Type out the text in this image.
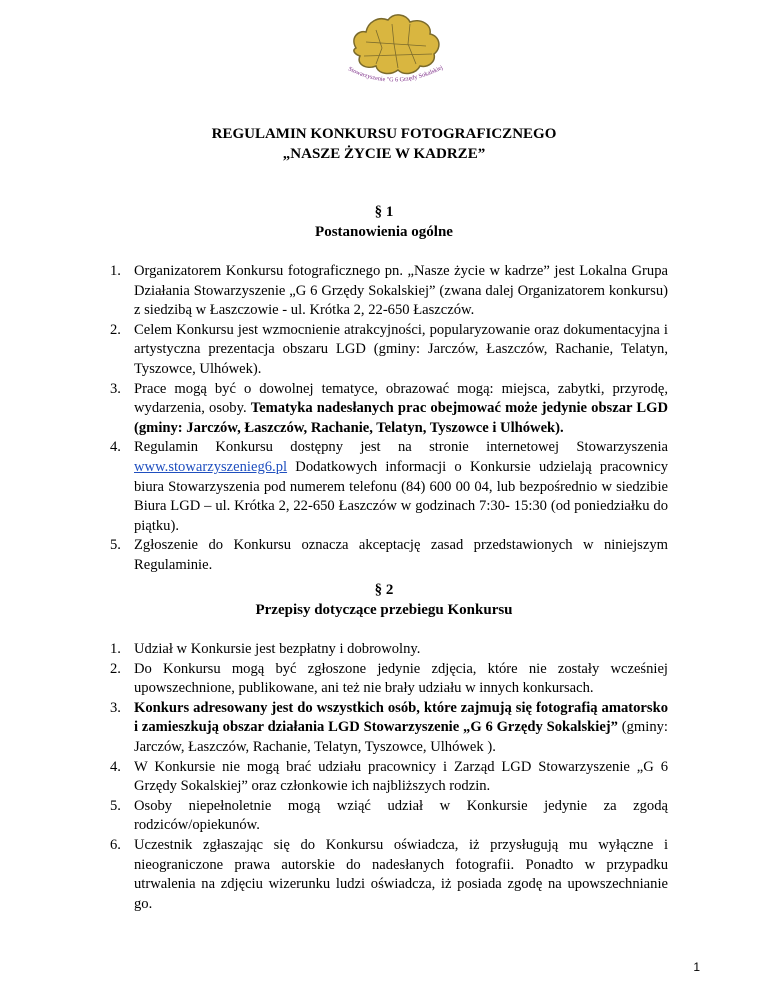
Stowarzyszenie "G 6 Grzędy Sokalskiej
REGULAMIN KONKURSU FOTOGRAFICZNEGO
„NASZE ŻYCIE W KADRZE”
§ 1
Postanowienia ogólne
1. Organizatorem Konkursu fotograficznego pn. „Nasze życie w kadrze” jest Lokalna Grupa Działania Stowarzyszenie „G 6 Grzędy Sokalskiej” (zwana dalej Organizatorem konkursu) z siedzibą w Łaszczowie - ul. Krótka 2, 22-650 Łaszczów.
2. Celem Konkursu jest wzmocnienie atrakcyjności, popularyzowanie oraz dokumentacyjna i artystyczna prezentacja obszaru LGD (gminy: Jarczów, Łaszczów, Rachanie, Telatyn, Tyszowce, Ulhówek).
3. Prace mogą być o dowolnej tematyce, obrazować mogą: miejsca, zabytki, przyrodę, wydarzenia, osoby. Tematyka nadesłanych prac obejmować może jedynie obszar LGD (gminy: Jarczów, Łaszczów, Rachanie, Telatyn, Tyszowce i Ulhówek).
4. Regulamin Konkursu dostępny jest na stronie internetowej Stowarzyszenia www.stowarzyszenieg6.pl Dodatkowych informacji o Konkursie udzielają pracownicy biura Stowarzyszenia pod numerem telefonu (84) 600 00 04, lub bezpośrednio w siedzibie Biura LGD – ul. Krótka 2, 22-650 Łaszczów w godzinach 7:30- 15:30 (od poniedziałku do piątku).
5. Zgłoszenie do Konkursu oznacza akceptację zasad przedstawionych w niniejszym Regulaminie.
§ 2
Przepisy dotyczące przebiegu Konkursu
1. Udział w Konkursie jest bezpłatny i dobrowolny.
2. Do Konkursu mogą być zgłoszone jedynie zdjęcia, które nie zostały wcześniej upowszechnione, publikowane, ani też nie brały udziału w innych konkursach.
3. Konkurs adresowany jest do wszystkich osób, które zajmują się fotografią amatorsko i zamieszkują obszar działania LGD Stowarzyszenie „G 6 Grzędy Sokalskiej” (gminy: Jarczów, Łaszczów, Rachanie, Telatyn, Tyszowce, Ulhówek ).
4. W Konkursie nie mogą brać udziału pracownicy i Zarząd LGD Stowarzyszenie „G 6 Grzędy Sokalskiej” oraz członkowie ich najbliższych rodzin.
5. Osoby niepełnoletnie mogą wziąć udział w Konkursie jedynie za zgodą rodziców/opiekunów.
6. Uczestnik zgłaszając się do Konkursu oświadcza, iż przysługują mu wyłączne i nieograniczone prawa autorskie do nadesłanych fotografii. Ponadto w przypadku utrwalenia na zdjęciu wizerunku ludzi oświadcza, iż posiada zgodę na upowszechnianie go.
1
